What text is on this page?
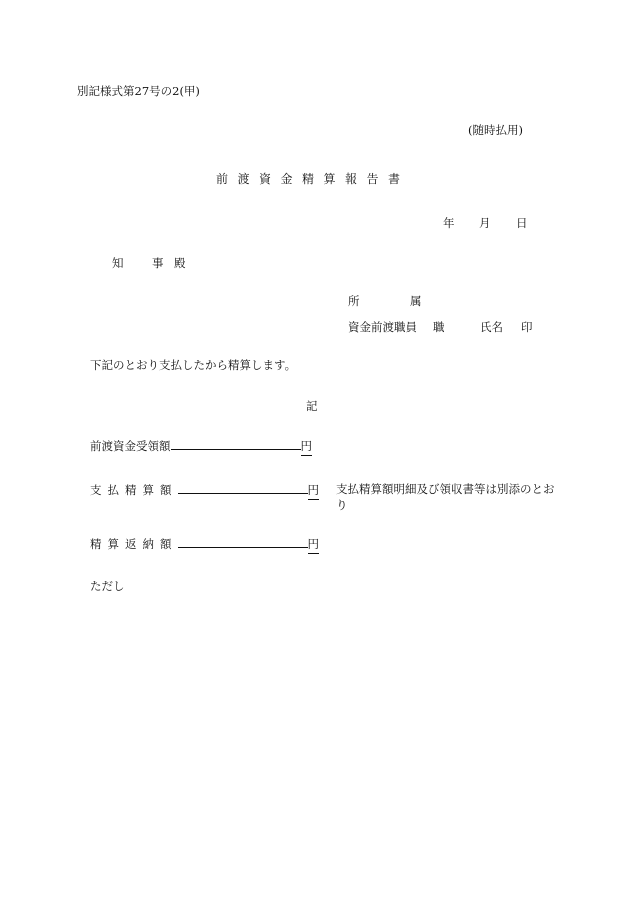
別記様式第27号の2(甲)
(随時払用)
前渡資金精算報告書
年 月 日
知 事 殿
所	属
資金前渡職員 職	氏名 印
下記のとおり支払したから精算します。
記
前渡資金受領額	円
支払精算額	円 支払精算額明細及び領収書等は別添のとおり
精算返納額	円
ただし
